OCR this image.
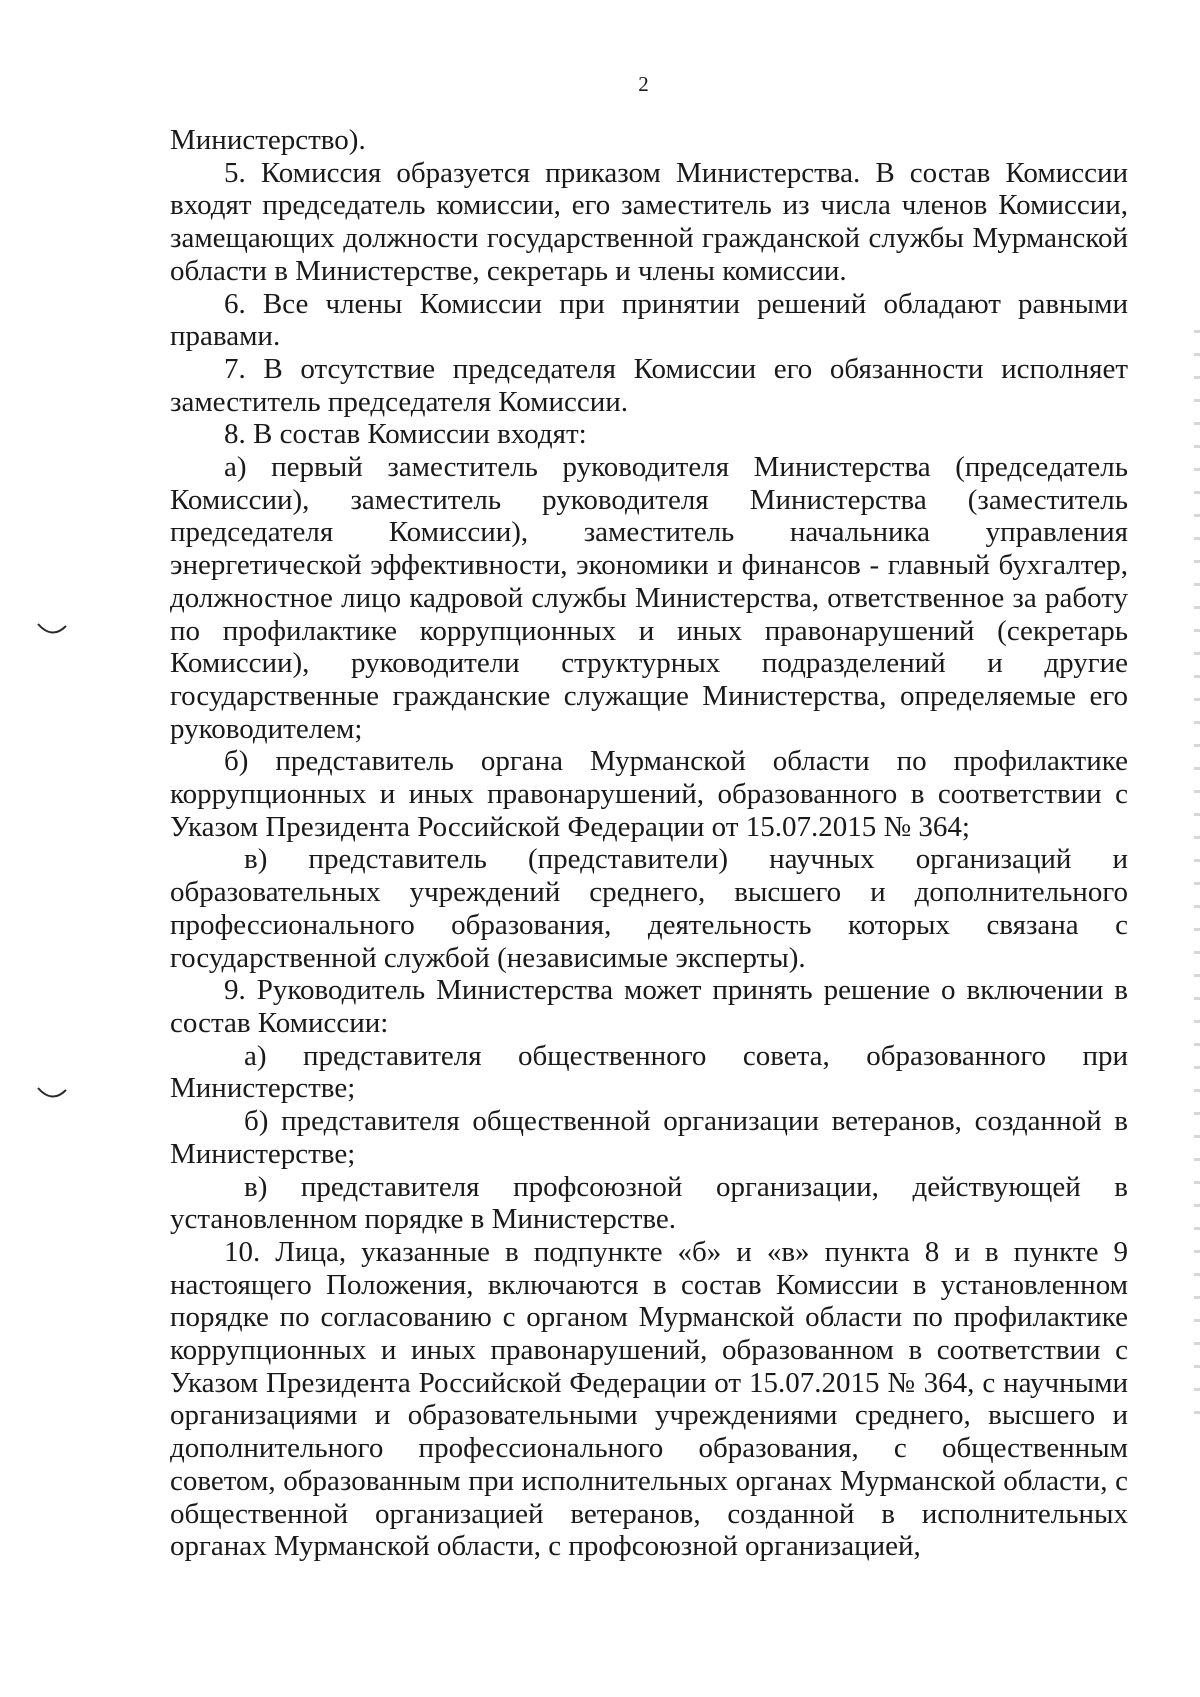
2

Министерство).

5. Комиссия образуется приказом Министерства. В состав Комиссии входят председатель комиссии, его заместитель из числа членов Комиссии, замещающих должности государственной гражданской службы Мурманской области в Министерстве, секретарь и члены комиссии.

6. Все члены Комиссии при принятии решений обладают равными правами.

7. В отсутствие председателя Комиссии его обязанности исполняет заместитель председателя Комиссии.

8. В состав Комиссии входят:

а) первый заместитель руководителя Министерства (председатель Комиссии), заместитель руководителя Министерства (заместитель председателя Комиссии), заместитель начальника управления энергетической эффективности, экономики и финансов - главный бухгалтер, должностное лицо кадровой службы Министерства, ответственное за работу по профилактике коррупционных и иных правонарушений (секретарь Комиссии), руководители структурных подразделений и другие государственные гражданские служащие Министерства, определяемые его руководителем;

б) представитель органа Мурманской области по профилактике коррупционных и иных правонарушений, образованного в соответствии с Указом Президента Российской Федерации от 15.07.2015 № 364;

в) представитель (представители) научных организаций и образовательных учреждений среднего, высшего и дополнительного профессионального образования, деятельность которых связана с государственной службой (независимые эксперты).

9. Руководитель Министерства может принять решение о включении в состав Комиссии:

а) представителя общественного совета, образованного при Министерстве;

б) представителя общественной организации ветеранов, созданной в Министерстве;

в) представителя профсоюзной организации, действующей в установленном порядке в Министерстве.

10. Лица, указанные в подпункте «б» и «в» пункта 8 и в пункте 9 настоящего Положения, включаются в состав Комиссии в установленном порядке по согласованию с органом Мурманской области по профилактике коррупционных и иных правонарушений, образованном в соответствии с Указом Президента Российской Федерации от 15.07.2015 № 364, с научными организациями и образовательными учреждениями среднего, высшего и дополнительного профессионального образования, с общественным советом, образованным при исполнительных органах Мурманской области, с общественной организацией ветеранов, созданной в исполнительных органах Мурманской области, с профсоюзной организацией,
